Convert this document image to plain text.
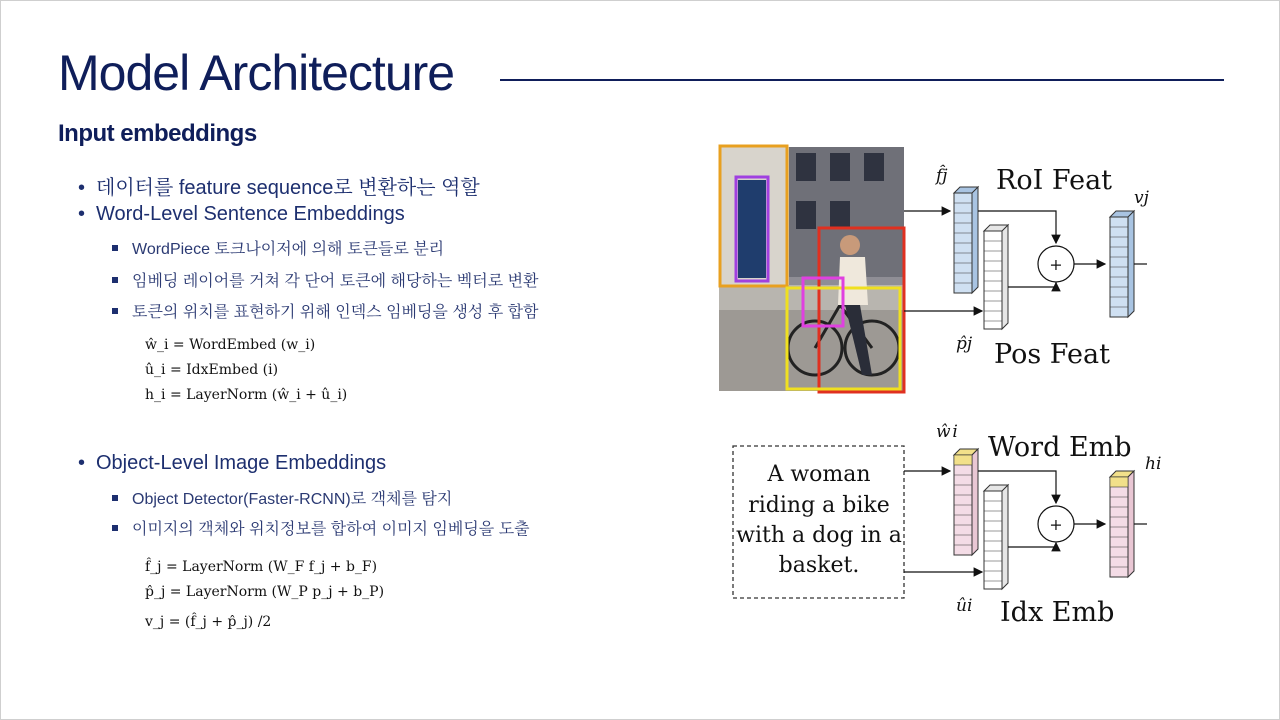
Model Architecture
Input embeddings
• 데이터를 feature sequence로 변환하는 역할
• Word-Level Sentence Embeddings
WordPiece 토크나이저에 의해 토큰들로 분리
임베딩 레이어를 거쳐 각 단어 토큰에 해당하는 벡터로 변환
토큰의 위치를 표현하기 위해 인덱스 임베딩을 생성 후 합함
ŵ_i = WordEmbed (w_i)
û_i = IdxEmbed (i)
h_i = LayerNorm (ŵ_i + û_i)
• Object-Level Image Embeddings
Object Detector(Faster-RCNN)로 객체를 탐지
이미지의 객체와 위치정보를 합하여 이미지 임베딩을 도출
f̂_j = LayerNorm (W_F f_j + b_F)
p̂_j = LayerNorm (W_P p_j + b_P)
v_j = (f̂_j + p̂_j) /2
+
f̂j RoI Feat
vj
p̂j Pos Feat
A woman
riding a bike
with a dog in a
basket.
+
ŵi Word Emb
hi
ûi Idx Emb
